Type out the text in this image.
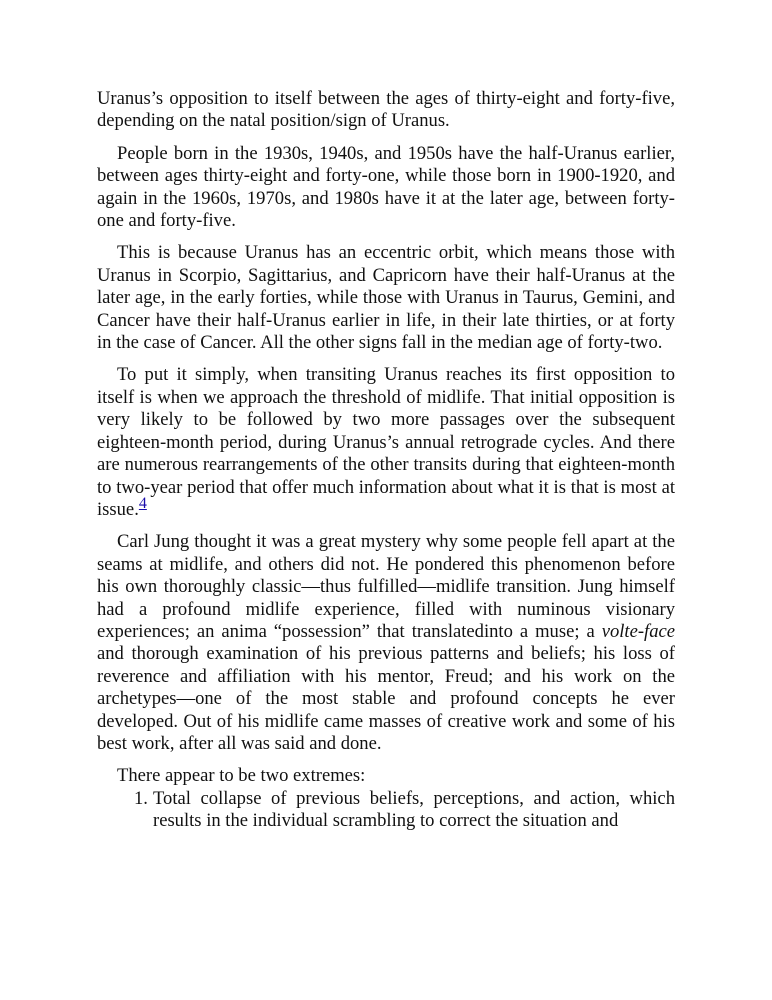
Uranus’s opposition to itself between the ages of thirty-eight and forty-five, depending on the natal position/sign of Uranus.

People born in the 1930s, 1940s, and 1950s have the half-Uranus earlier, between ages thirty-eight and forty-one, while those born in 1900-1920, and again in the 1960s, 1970s, and 1980s have it at the later age, between forty-one and forty-five.

This is because Uranus has an eccentric orbit, which means those with Uranus in Scorpio, Sagittarius, and Capricorn have their half-Uranus at the later age, in the early forties, while those with Uranus in Taurus, Gemini, and Cancer have their half-Uranus earlier in life, in their late thirties, or at forty in the case of Cancer. All the other signs fall in the median age of forty-two.

To put it simply, when transiting Uranus reaches its first opposition to itself is when we approach the threshold of midlife. That initial opposition is very likely to be followed by two more passages over the subsequent eighteen-month period, during Uranus’s annual retrograde cycles. And there are numerous rearrangements of the other transits during that eighteen-month to two-year period that offer much information about what it is that is most at issue.4

Carl Jung thought it was a great mystery why some people fell apart at the seams at midlife, and others did not. He pondered this phenomenon before his own thoroughly classic—thus fulfilled—midlife transition. Jung himself had a profound midlife experience, filled with numinous visionary experiences; an anima “possession” that translatedinto a muse; a volte-face and thorough examination of his previous patterns and beliefs; his loss of reverence and affiliation with his mentor, Freud; and his work on the archetypes—one of the most stable and profound concepts he ever developed. Out of his midlife came masses of creative work and some of his best work, after all was said and done.

There appear to be two extremes:

1. Total collapse of previous beliefs, perceptions, and action, which results in the individual scrambling to correct the situation and
